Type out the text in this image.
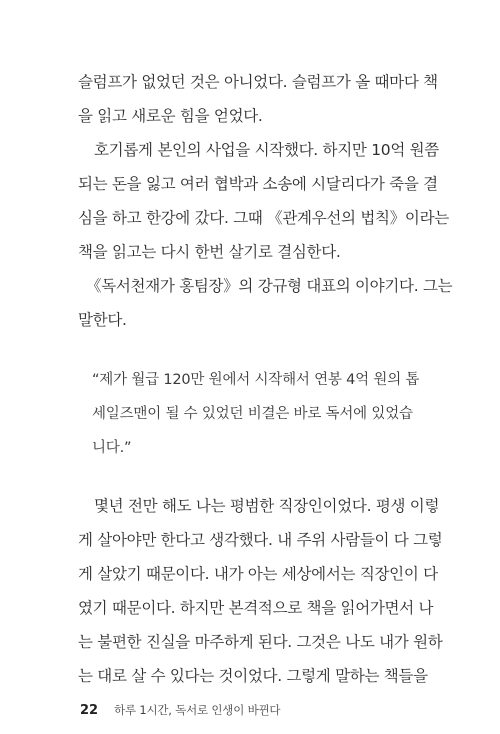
슬럼프가 없었던 것은 아니었다. 슬럼프가 올 때마다 책
을 읽고 새로운 힘을 얻었다.
호기롭게 본인의 사업을 시작했다. 하지만 10억 원쯤
되는 돈을 잃고 여러 협박과 소송에 시달리다가 죽을 결
심을 하고 한강에 갔다. 그때 《관계우선의 법칙》이라는
책을 읽고는 다시 한번 살기로 결심한다.
《독서천재가 홍팀장》의 강규형 대표의 이야기다. 그는
말한다.
“제가 월급 120만 원에서 시작해서 연봉 4억 원의 톱
세일즈맨이 될 수 있었던 비결은 바로 독서에 있었습
니다.”
몇년 전만 해도 나는 평범한 직장인이었다. 평생 이렇
게 살아야만 한다고 생각했다. 내 주위 사람들이 다 그렇
게 살았기 때문이다. 내가 아는 세상에서는 직장인이 다
였기 때문이다. 하지만 본격적으로 책을 읽어가면서 나
는 불편한 진실을 마주하게 된다. 그것은 나도 내가 원하
는 대로 살 수 있다는 것이었다. 그렇게 말하는 책들을
22 하루 1시간, 독서로 인생이 바뀐다
